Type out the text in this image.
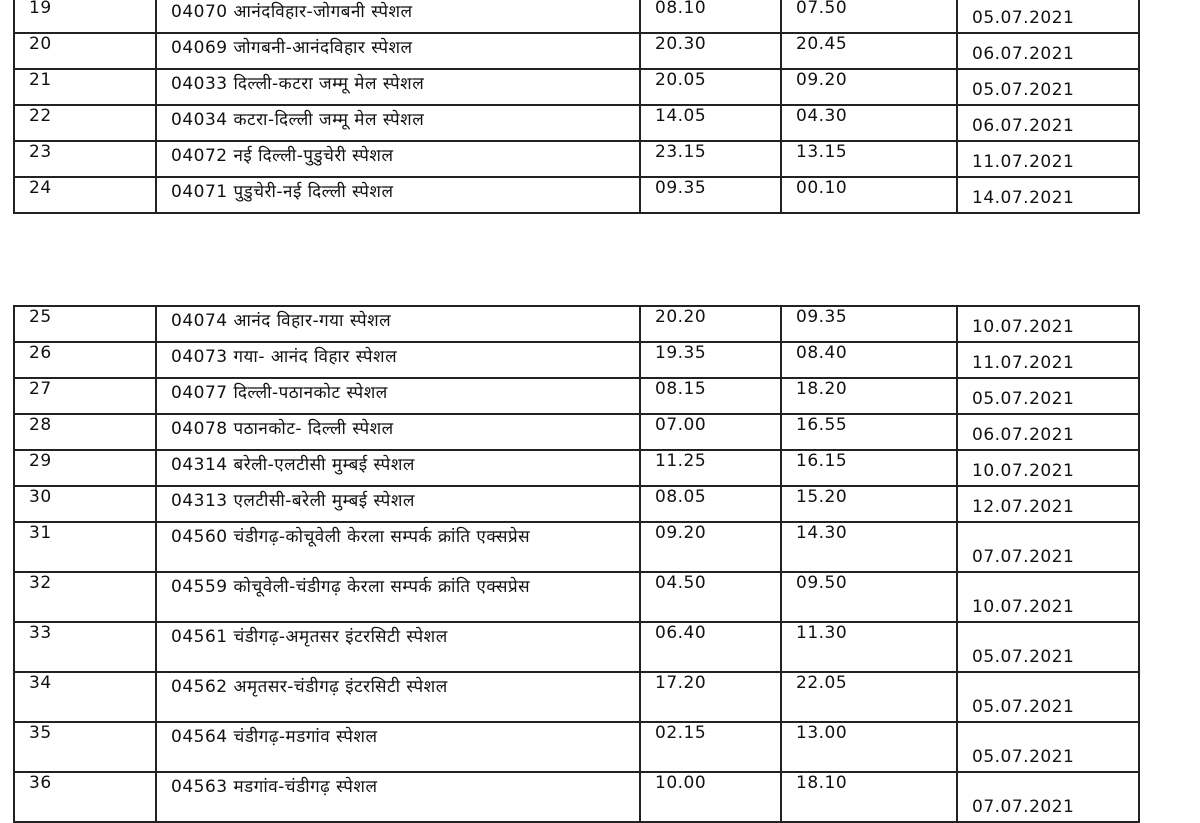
19	04070 आनंदविहार-जोगबनी स्पेशल	08.10	07.50	05.07.2021
20	04069 जोगबनी-आनंदविहार स्पेशल	20.30	20.45	06.07.2021
21	04033 दिल्ली-कटरा जम्मू मेल स्पेशल	20.05	09.20	05.07.2021
22	04034 कटरा-दिल्ली जम्मू मेल स्पेशल	14.05	04.30	06.07.2021
23	04072 नई दिल्ली-पुडुचेरी स्पेशल	23.15	13.15	11.07.2021
24	04071 पुडुचेरी-नई दिल्ली स्पेशल	09.35	00.10	14.07.2021
25	04074 आनंद विहार-गया स्पेशल	20.20	09.35	10.07.2021
26	04073 गया- आनंद विहार स्पेशल	19.35	08.40	11.07.2021
27	04077 दिल्ली-पठानकोट स्पेशल	08.15	18.20	05.07.2021
28	04078 पठानकोट- दिल्ली स्पेशल	07.00	16.55	06.07.2021
29	04314 बरेली-एलटीसी मुम्बई स्पेशल	11.25	16.15	10.07.2021
30	04313 एलटीसी-बरेली मुम्बई स्पेशल	08.05	15.20	12.07.2021
31	04560 चंडीगढ़-कोचूवेली केरला सम्पर्क क्रांति एक्सप्रेस	09.20	14.30	07.07.2021
32	04559 कोचूवेली-चंडीगढ़ केरला सम्पर्क क्रांति एक्सप्रेस	04.50	09.50	10.07.2021
33	04561 चंडीगढ़-अमृतसर इंटरसिटी स्पेशल	06.40	11.30	05.07.2021
34	04562 अमृतसर-चंडीगढ़ इंटरसिटी स्पेशल	17.20	22.05	05.07.2021
35	04564 चंडीगढ़-मडगांव स्पेशल	02.15	13.00	05.07.2021
36	04563 मडगांव-चंडीगढ़ स्पेशल	10.00	18.10	07.07.2021
